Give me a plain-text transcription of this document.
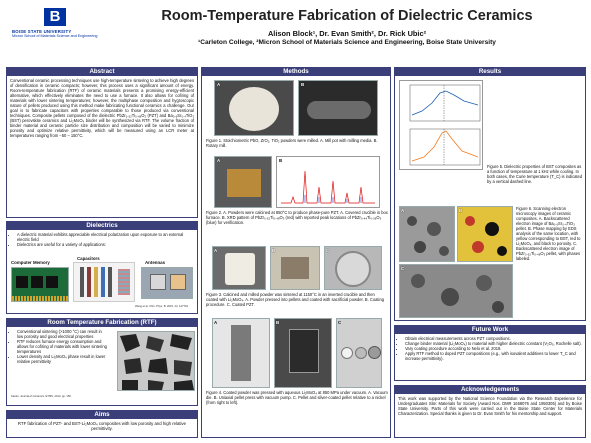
B
BOISE STATE UNIVERSITY
Micron School of Materials Science and Engineering
Room-Temperature Fabrication of Dielectric Ceramics
Alison Block¹, Dr. Evan Smith², Dr. Rick Ubic²
¹Carleton College, ²Micron School of Materials Science and Engineering, Boise State University
Abstract
Conventional ceramic processing techniques use high-temperature sintering to achieve high degrees of densification in ceramic compacts; however, this process uses a significant amount of energy. Room-temperature fabrication (RTF) of ceramic materials presents a promising energy-efficient alternative, which effectively eliminates the need to use a furnace. It also allows for cofiring of materials with lower sintering temperatures; however, the multiphase composition and hygroscopic nature of pellets produced using this method make fabricating functional ceramics a challenge. Our goal is to fabricate capacitors with properties comparable to those produced via conventional techniques. Composite pellets composed of the dielectric PbZr₀.₅₂Ti₀.₄₈O₃ (PZT) and Ba₀.₆Sr₀.₄TiO₃ (BST) perovskite ceramics and Li₂MoO₄ binder will be synthesized via RTF. The volume fraction of binder material and ceramic particle size distribution and composition will be varied to minimize porosity and optimize relative permittivity, which will be measured using an LCR meter at temperatures ranging from −50 – 150°C.
Dielectrics
• A dielectric material exhibits appreciable electrical polarization upon exposure to an external electric field
• Dielectrics are useful for a variety of applications:
Computer Memory
Capacitors
Antennas
Wang et al. Chin. Phys. B. 2015, 24, 127704
Room Temperature Fabrication (RTF)
• Conventional sintering (>1000 °C) can result in low porosity and good electrical properties
• RTF reduces furnace energy consumption and allows for cofiring of materials with lower sintering temperatures
• Lower density and Li₂MoO₄ phase result in lower relative permittivity
Kaeko, Journal of Ceramics, ETMS, 2013, pp. 156
Aims
RTF fabrication of PZT- and BST-Li₂MoO₄ composites with low porosity and high relative permittivity.
Methods
A	B
Figure 1. Stoichiometric PbO, ZrO₂, TiO₂ powders were milled. A. Mill pot with milling media. B. Rotary mill.
A	B
Figure 2. A. Powders were calcined at 850°C to produce phase-pure PZT. A. Covered crucible in box furnace. B. XRD pattern of PbZr₀.₅₂Ti₀.₄₈O₃ (red) with reported peak locations of PbZr₀.₄₄Ti₀.₅₆O₃ (blue) for verification.
A	B	C
Figure 3. Calcined and milled powder was sintered at 1150°C in an inverted crucible and then coated with Li₂MoO₄. A. Powder pressed into pellets and coated with sacrificial powder. B. Coating procedure. C. Coated PZT.
A	B	C
Figure 4. Coated powder was pressed with aqueous Li₂MoO₄ at 850 MPa under vacuum. A. Vacuum die. B. Uniaxial pellet press with vacuum pump. C. Pellet and silver-coated pellet relative to a nickel (from right to left).
Results
Figure 5. Dielectric properties of BST composites as a function of temperature at 1 kHz while cooling. In both cases, the Curie temperature (T_C) is indicated by a vertical dashed line.
A	B
C
Figure 6. Scanning electron microscopy images of ceramic composites. A. Backscattered electron image of Ba₀.₆Sr₀.₄TiO₃ pellet. B. Phase mapping by EDS analysis of the same location, with yellow corresponding to BST, red to Li₂MoO₄, and black to porosity. C. Backscattered electron image of PbZr₀.₅₂Ti₀.₄₈O₃ pellet, with phases labeled.
Future Work
• Obtain electrical measurements across PZT compositions.
• Change binder material (Li₂MoO₄) to material with higher dielectric constant (V₂O₅, Rochelle salt).
• Vary coating procedure according to Nelo et al. 2019.
• Apply RTF method to doped PZT compositions (e.g., with isovalent additives to lower T_C and increase permittivity).
Acknowledgements
This work was supported by the National Science Foundation via the Research Experience for Undergraduates Site: Materials for Society (Award Nos. DMR 1658076 and 1950305) and by Boise State University. Parts of this work were carried out in the Boise State Center for Materials Characterization. Special thanks is given to Dr. Evan Smith for his mentorship and support.
